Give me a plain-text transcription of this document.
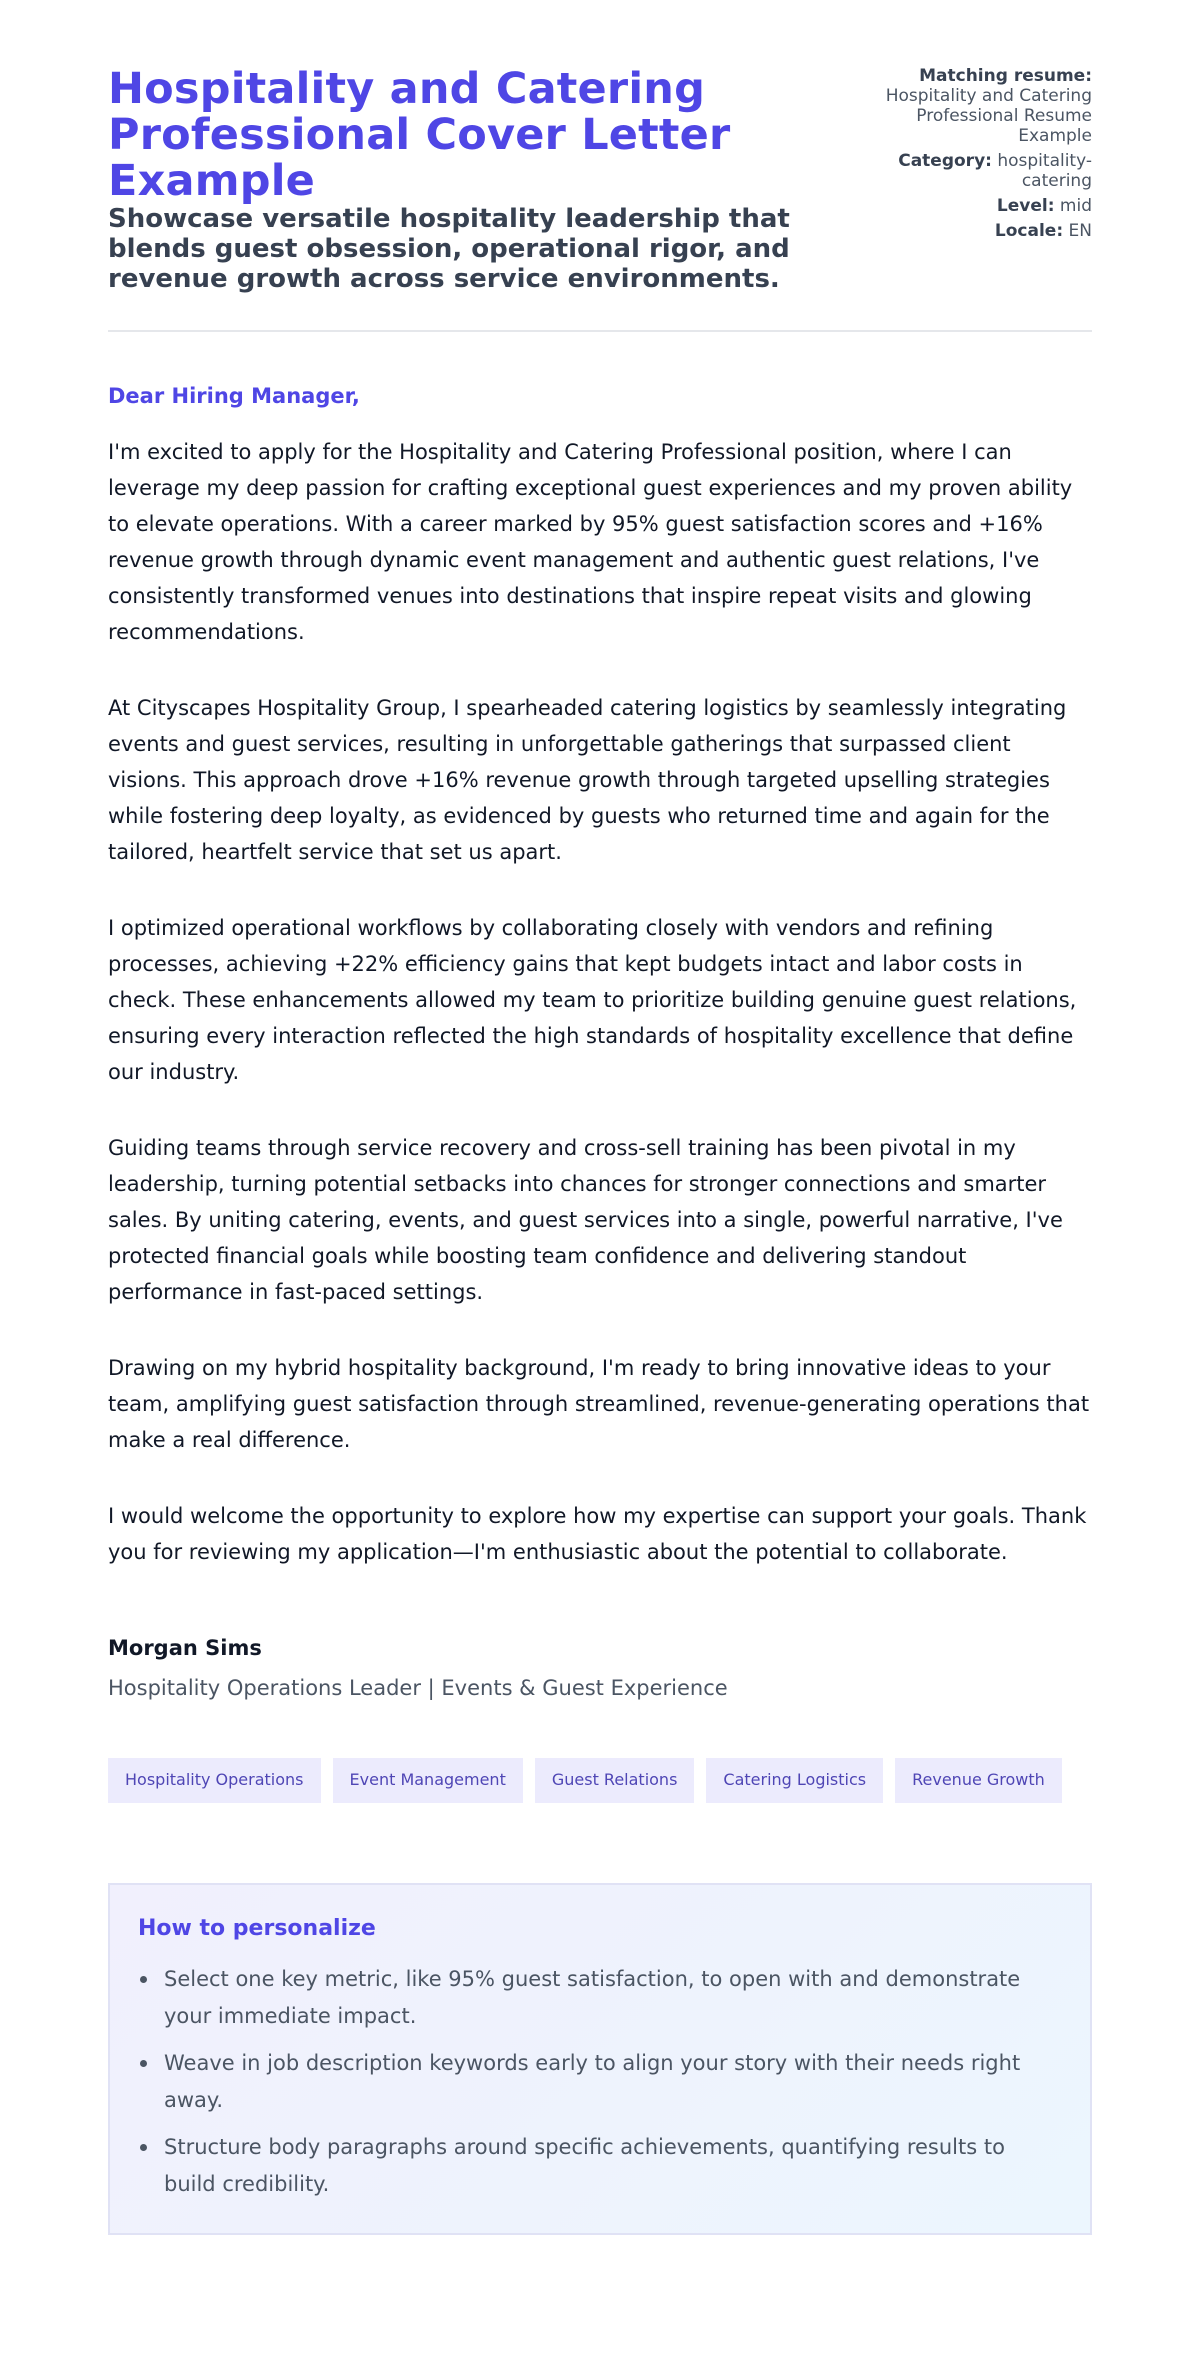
Hospitality and Catering Professional Cover Letter Example
Showcase versatile hospitality leadership that blends guest obsession, operational rigor, and revenue growth across service environments.
Matching resume:
Hospitality and Catering Professional Resume Example
Category: hospitality-catering
Level: mid
Locale: EN

Dear Hiring Manager,

I'm excited to apply for the Hospitality and Catering Professional position, where I can leverage my deep passion for crafting exceptional guest experiences and my proven ability to elevate operations. With a career marked by 95% guest satisfaction scores and +16% revenue growth through dynamic event management and authentic guest relations, I've consistently transformed venues into destinations that inspire repeat visits and glowing recommendations.

At Cityscapes Hospitality Group, I spearheaded catering logistics by seamlessly integrating events and guest services, resulting in unforgettable gatherings that surpassed client visions. This approach drove +16% revenue growth through targeted upselling strategies while fostering deep loyalty, as evidenced by guests who returned time and again for the tailored, heartfelt service that set us apart.

I optimized operational workflows by collaborating closely with vendors and refining processes, achieving +22% efficiency gains that kept budgets intact and labor costs in check. These enhancements allowed my team to prioritize building genuine guest relations, ensuring every interaction reflected the high standards of hospitality excellence that define our industry.

Guiding teams through service recovery and cross-sell training has been pivotal in my leadership, turning potential setbacks into chances for stronger connections and smarter sales. By uniting catering, events, and guest services into a single, powerful narrative, I've protected financial goals while boosting team confidence and delivering standout performance in fast-paced settings.

Drawing on my hybrid hospitality background, I'm ready to bring innovative ideas to your team, amplifying guest satisfaction through streamlined, revenue-generating operations that make a real difference.

I would welcome the opportunity to explore how my expertise can support your goals. Thank you for reviewing my application—I'm enthusiastic about the potential to collaborate.

Morgan Sims
Hospitality Operations Leader | Events & Guest Experience
Hospitality Operations	Event Management	Guest Relations	Catering Logistics	Revenue Growth
How to personalize
Select one key metric, like 95% guest satisfaction, to open with and demonstrate your immediate impact.
Weave in job description keywords early to align your story with their needs right away.
Structure body paragraphs around specific achievements, quantifying results to build credibility.
